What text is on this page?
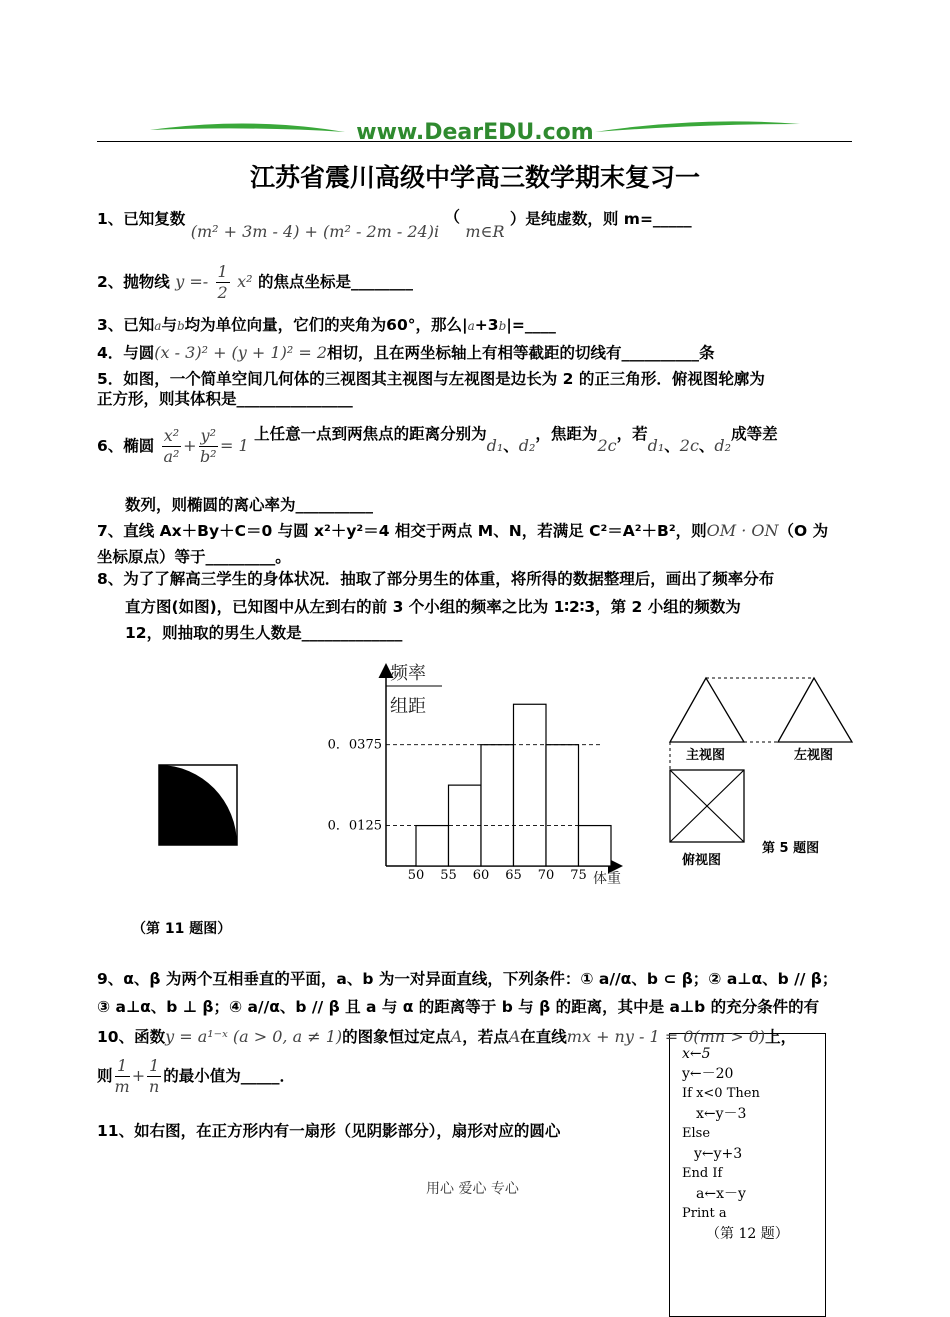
www.DearEDU.com
江苏省震川高级中学高三数学期末复习一
1、已知复数 (m² + 3m - 4) + (m² - 2m - 24)i （ m∈R ）是纯虚数，则 m=_____
2、抛物线 $y =- \frac{1}{2} x^2$ 的焦点坐标是________
3、已知a与b均为单位向量，它们的夹角为60°，那么|a+3b|=____
4．与圆(x - 3)² + (y + 1)² = 2相切，且在两坐标轴上有相等截距的切线有__________条
5．如图，一个简单空间几何体的三视图其主视图与左视图是边长为 2 的正三角形．俯视图轮廓为
正方形，则其体积是_______________
6、椭圆 $\frac{\text{x²}}{\text{a²}} + \frac{\text{y²}}{\text{b²}} = 1$ 上任意一点到两焦点的距离分别为d₁、d₂，焦距为2c，若d₁、2c、d₂成等差
数列，则椭圆的离心率为__________
7、直线 Ax＋By＋C＝0 与圆 x²＋y²＝4 相交于两点 M、N，若满足 C²＝A²＋B²，则OM · ON（O 为
坐标原点）等于_________。
8、为了了解高三学生的身体状况．抽取了部分男生的体重，将所得的数据整理后，画出了频率分布
直方图(如图)，已知图中从左到右的前 3 个小组的频率之比为 1∶2∶3，第 2 小组的频数为
12，则抽取的男生人数是_____________
（第 11 题图）
频率
组距
体重
50 55 60 65 70 75
0．0375
0．0125
主视图	左视图
俯视图
第 5 题图
9、α、β 为两个互相垂直的平面，a、b 为一对异面直线，下列条件：① a//α、b ⊂ β；② a⊥α、b // β；
③ a⊥α、b ⊥ β；④ a//α、b // β 且 a 与 α 的距离等于 b 与 β 的距离，其中是 a⊥b 的充分条件的有
x←5
y←－20
If x<0 Then
x←y－3
Else
y←y+3
End If
a←x－y
Print a
（第 12 题）
10、函数y = a¹⁻ˣ (a > 0, a ≠ 1)的图象恒过定点A，若点A在直线mx + ny - 1 = 0(mn > 0)上，
则 $\frac{1}{m} + \frac{1}{n}$ 的最小值为_____．
11、如右图，在正方形内有一扇形（见阴影部分），扇形对应的圆心
用心 爱心 专心
